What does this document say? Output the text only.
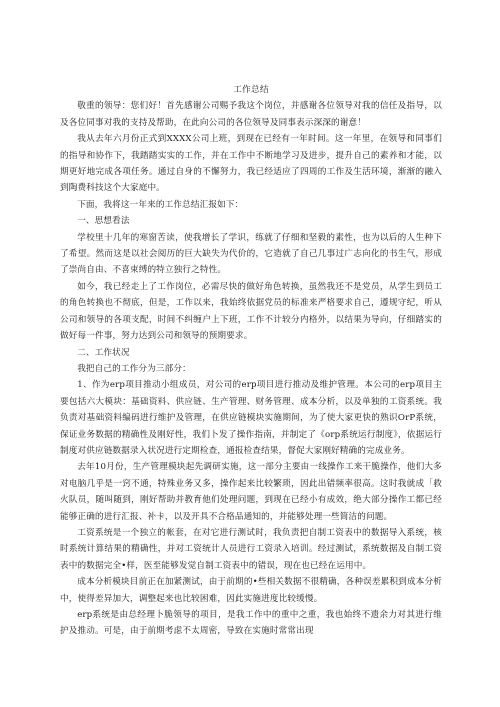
工作总结

敬重的领导：您们好！首先感谢公司赐予我这个岗位，并感谢各位领导对我的信任及指导，以及各位同事对我的支持及帮助，在此向公司的各位领导及同事表示深深的谢意！

我从去年六月份正式到XXXX公司上班，到现在已经有一年时间。这一年里，在领导和同事们的指导和协作下，我踏踏实实的工作，并在工作中不断地学习及进步，提升自己的素养和才能，以期更好地完成各项任务。通过自身的不懈努力，我已经适应了四周的工作及生活环境，渐渐的融入到陶费科技这个大家庭中。

下面，我将这一年来的工作总结汇报如下：

一、思想看法

学校里十几年的寒窗苦读，使我增长了学识，练就了仔细和坚毅的素性，也为以后的人生种下了希望。然而这是以社会阅历的巨大缺失为代价的，它造就了自己几事过广志向化的书生气，形成了崇尚自由、不喜束缚的特立独行之特性。

如今，我已经走上了工作岗位，必需尽快的做好角色转换，虽然我还不是党员，从学生到员工的角色转换也不彻底，但是，工作以来，我始终依据党员的标准来严格要求自己，遵规守纪，听从公司和领导的各项支配，时间不纠缠户上下班，工作不计较分内格外，以结果为导向，仔细踏实的做好每一件事，努力达到公司和领导的预期要求。

二、工作状况

我把自己的工作分为三部分：

1、作为erp项目推动小组成员，对公司的erp项目进行推动及维护管理。本公司的erp项目主要包括六大模块：基础资料、供应链、生产管理、财务管理、成本分析，以及单独的工资系统。我负责对基础资料编码进行维护及管理，在供应链模块实施期间，为了使大家更快的熟识OrP系统，保证业务数据的精确性及刚好性，我们卜发了操作指南，并制定了《orp系统运行制度》，依据运行制度对供应链数据录入状况进行定期检查，通报检查结果，督促大家刚好精确的完成业务。

去年10月份，生产管理模块起先调研实施，这一部分主要由一线操作工来干脆操作，他们大多对电脑几乎是一窍不通，特殊业务又多，操作起来比较繁琐，因此出错频率很高。这时我就成「救火队员，随叫随到，刚好帮助并教育他们处理问题，到现在已经小有成效，绝大部分操作工都已经能够正确的进行汇报、补卡，以及开具不合格品通知的，并能够处理一些简洁的问题。

工资系统是一个独立的帐套，在对它进行测试时，我负责把自制工资表中的数据导入系统，核时系统计算结果的精确性，并对工资统计人员进行工资录入培训。经过测试，系统数据及自制工资表中的数据完全•样，医至能够发觉自制工资表中的错误，现在也已经在运用中。

成本分析模块目前正在加紧测试，由于前期的•些相关数据不很精确，各种误差累积到成本分析中，使得差异加大，调整起来也比较困难，因此实施进度比较缓慢。

erp系统是由总经理卜脆领导的项目，是我工作中的重中之重，我也始终不遗余力对其进行维护及推动。可是，由于前期考虑不太周密，导致在实施时常常出现
